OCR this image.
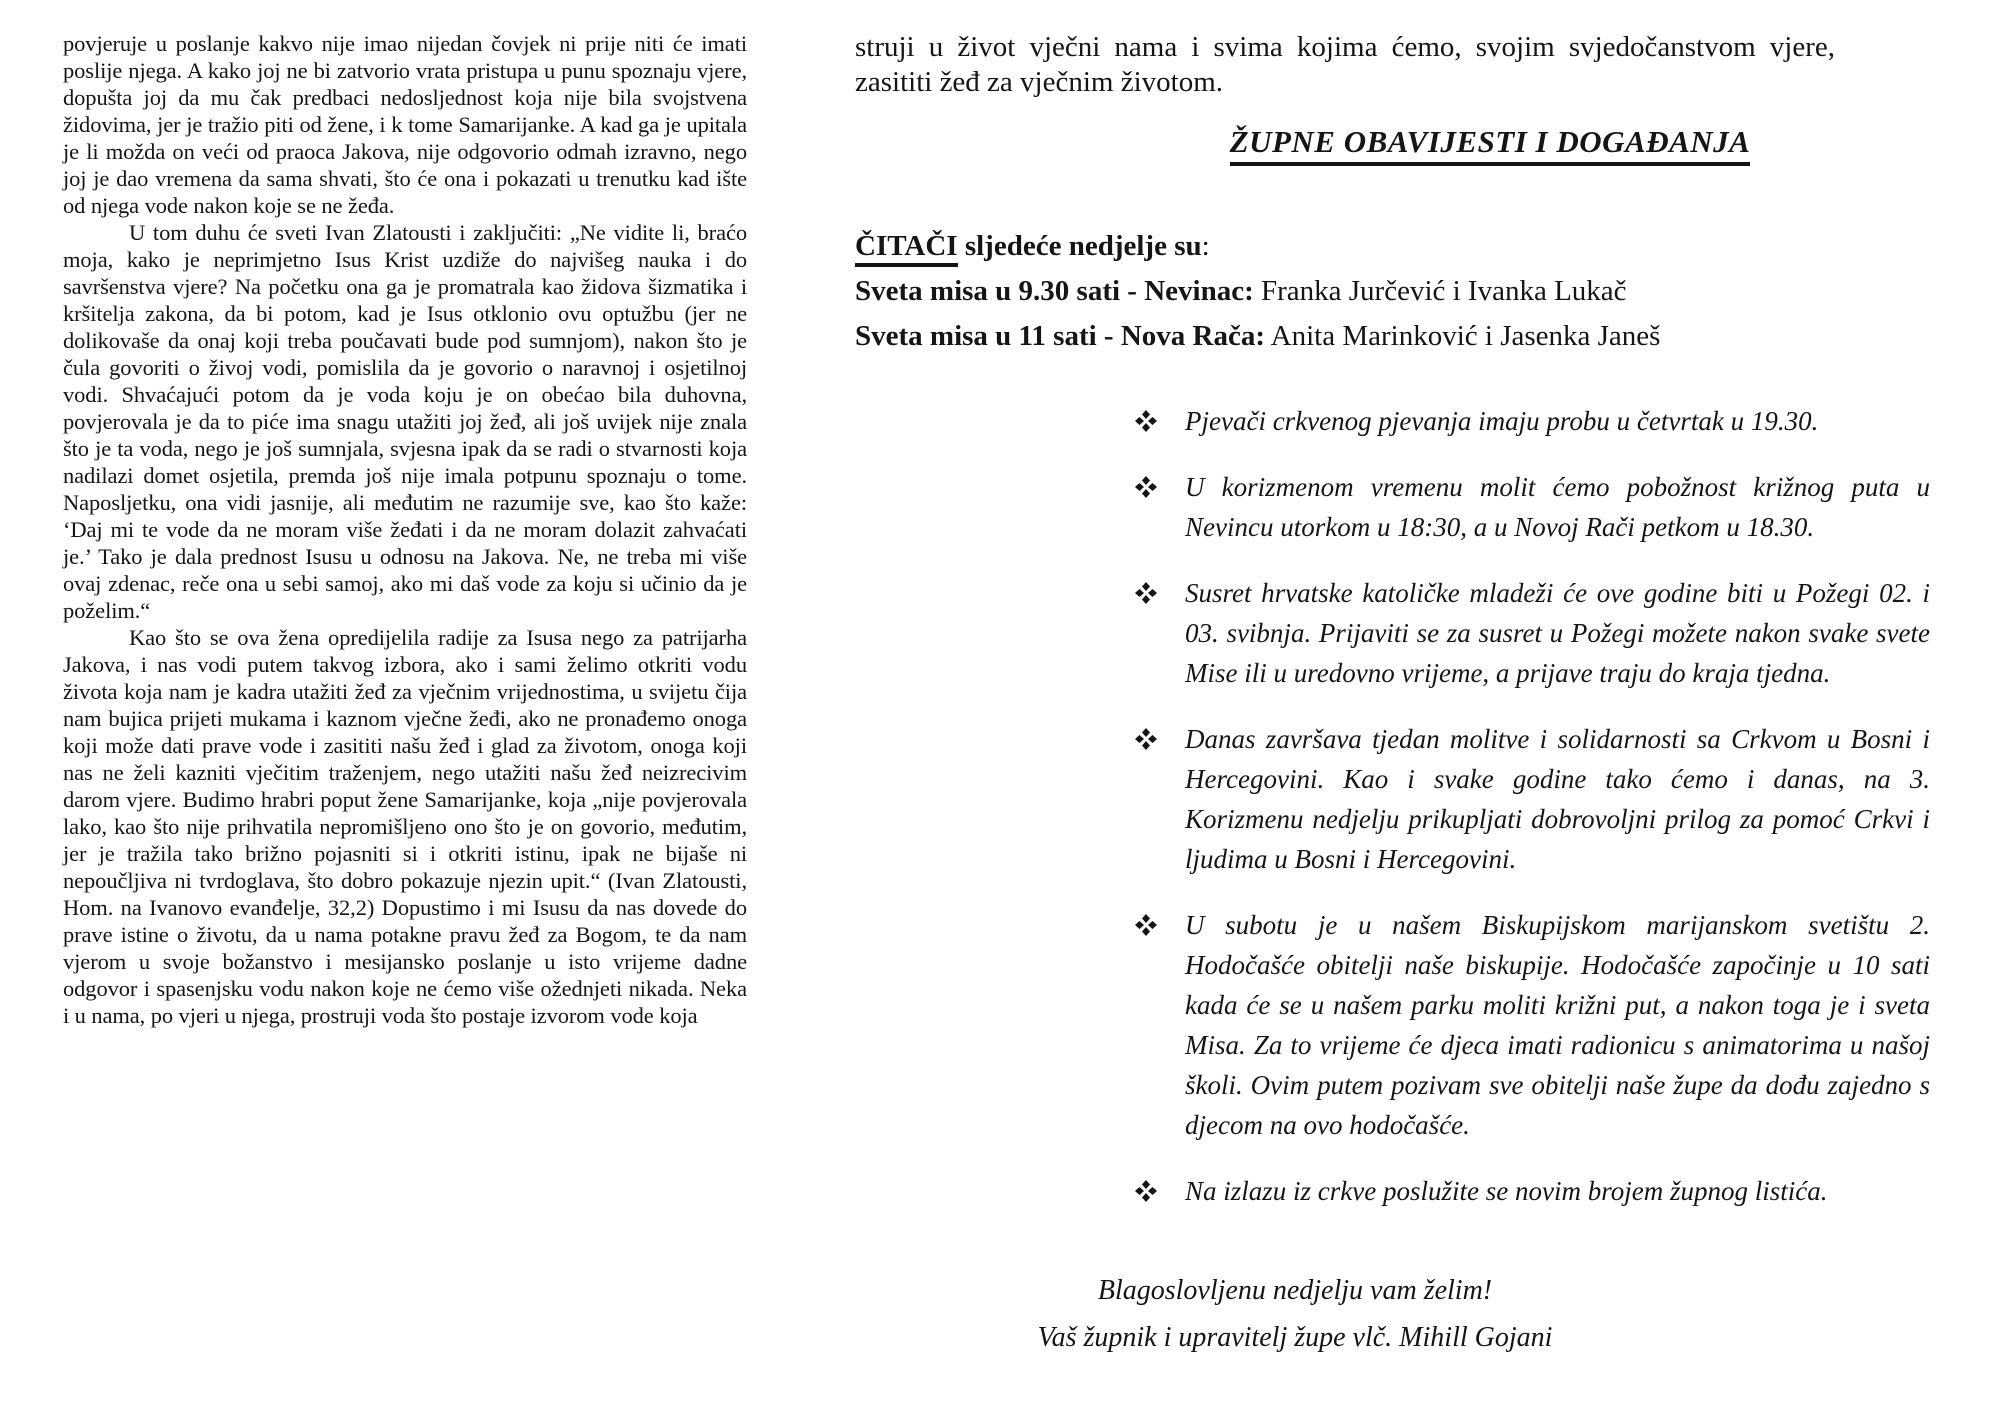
povjeruje u poslanje kakvo nije imao nijedan čovjek ni prije niti će imati poslije njega. A kako joj ne bi zatvorio vrata pristupa u punu spoznaju vjere, dopušta joj da mu čak predbaci nedosljednost koja nije bila svojstvena židovima, jer je tražio piti od žene, i k tome Samarijanke. A kad ga je upitala je li možda on veći od praoca Jakova, nije odgovorio odmah izravno, nego joj je dao vremena da sama shvati, što će ona i pokazati u trenutku kad ište od njega vode nakon koje se ne žeđa.

U tom duhu će sveti Ivan Zlatousti i zaključiti: „Ne vidite li, braćo moja, kako je neprimjetno Isus Krist uzdiže do najvišeg nauka i do savršenstva vjere? Na početku ona ga je promatrala kao židova šizmatika i kršitelja zakona, da bi potom, kad je Isus otklonio ovu optužbu (jer ne dolikovaše da onaj koji treba poučavati bude pod sumnjom), nakon što je čula govoriti o živoj vodi, pomislila da je govorio o naravnoj i osjetilnoj vodi. Shvaćajući potom da je voda koju je on obećao bila duhovna, povjerovala je da to piće ima snagu utažiti joj žeđ, ali još uvijek nije znala što je ta voda, nego je još sumnjala, svjesna ipak da se radi o stvarnosti koja nadilazi domet osjetila, premda još nije imala potpunu spoznaju o tome. Naposljetku, ona vidi jasnije, ali međutim ne razumije sve, kao što kaže: ‘Daj mi te vode da ne moram više žeđati i da ne moram dolazit zahvaćati je.’ Tako je dala prednost Isusu u odnosu na Jakova. Ne, ne treba mi više ovaj zdenac, reče ona u sebi samoj, ako mi daš vode za koju si učinio da je poželim.“

Kao što se ova žena opredijelila radije za Isusa nego za patrijarha Jakova, i nas vodi putem takvog izbora, ako i sami želimo otkriti vodu života koja nam je kadra utažiti žeđ za vječnim vrijednostima, u svijetu čija nam bujica prijeti mukama i kaznom vječne žeđi, ako ne pronađemo onoga koji može dati prave vode i zasititi našu žeđ i glad za životom, onoga koji nas ne želi kazniti vječitim traženjem, nego utažiti našu žeđ neizrecivim darom vjere. Budimo hrabri poput žene Samarijanke, koja „nije povjerovala lako, kao što nije prihvatila nepromišljeno ono što je on govorio, međutim, jer je tražila tako brižno pojasniti si i otkriti istinu, ipak ne bijaše ni nepoučljiva ni tvrdoglava, što dobro pokazuje njezin upit.“ (Ivan Zlatousti, Hom. na Ivanovo evanđelje, 32,2) Dopustimo i mi Isusu da nas dovede do prave istine o životu, da u nama potakne pravu žeđ za Bogom, te da nam vjerom u svoje božanstvo i mesijansko poslanje u isto vrijeme dadne odgovor i spasenjsku vodu nakon koje ne ćemo više ožednjeti nikada. Neka i u nama, po vjeri u njega, prostruji voda što postaje izvorom vode koja

struji u život vječni nama i svima kojima ćemo, svojim svjedočanstvom vjere, zasititi žeđ za vječnim životom.

ŽUPNE OBAVIJESTI I DOGAĐANJA
ČITAČI sljedeće nedjelje su:
Sveta misa u 9.30 sati - Nevinac: Franka Jurčević i Ivanka Lukač
Sveta misa u 11 sati - Nova Rača: Anita Marinković i Jasenka Janeš
Pjevači crkvenog pjevanja imaju probu u četvrtak u 19.30.
U korizmenom vremenu molit ćemo pobožnost križnog puta u Nevincu utorkom u 18:30, a u Novoj Rači petkom u 18.30.
Susret hrvatske katoličke mladeži će ove godine biti u Požegi 02. i 03. svibnja. Prijaviti se za susret u Požegi možete nakon svake svete Mise ili u uredovno vrijeme, a prijave traju do kraja tjedna.
Danas završava tjedan molitve i solidarnosti sa Crkvom u Bosni i Hercegovini. Kao i svake godine tako ćemo i danas, na 3. Korizmenu nedjelju prikupljati dobrovoljni prilog za pomoć Crkvi i ljudima u Bosni i Hercegovini.
U subotu je u našem Biskupijskom marijanskom svetištu 2. Hodočašće obitelji naše biskupije. Hodočašće započinje u 10 sati kada će se u našem parku moliti križni put, a nakon toga je i sveta Misa. Za to vrijeme će djeca imati radionicu s animatorima u našoj školi. Ovim putem pozivam sve obitelji naše župe da dođu zajedno s djecom na ovo hodočašće.
Na izlazu iz crkve poslužite se novim brojem župnog listića.
Blagoslovljenu nedjelju vam želim!
Vaš župnik i upravitelj župe vlč. Mihill Gojani
